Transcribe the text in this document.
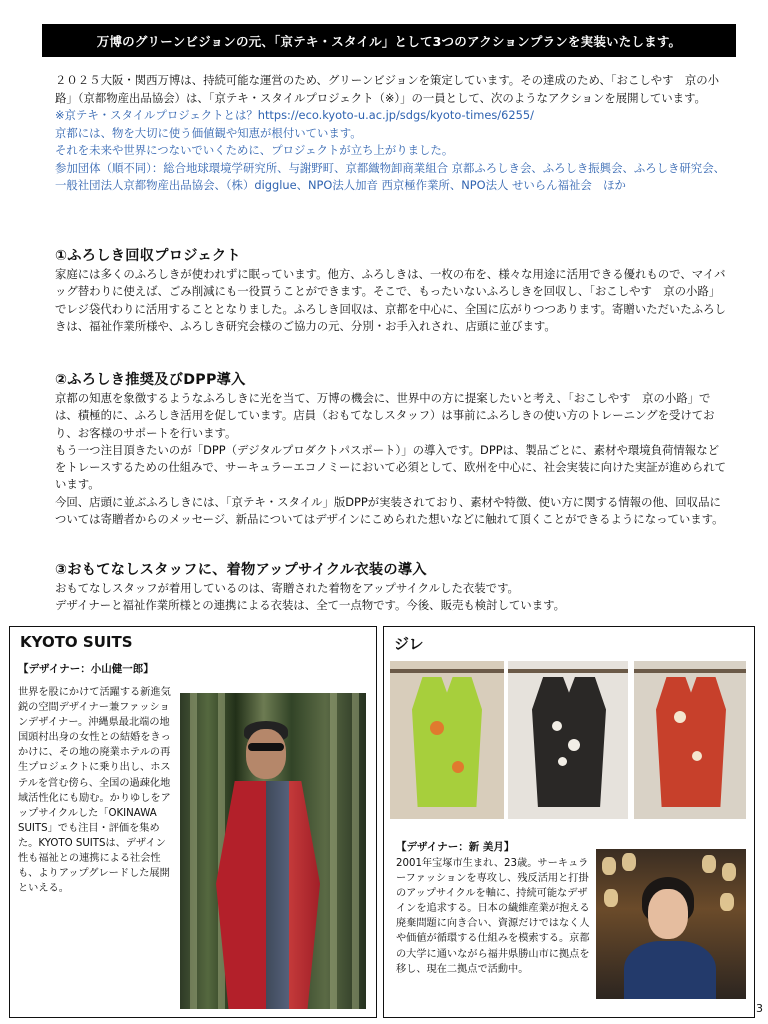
万博のグリーンビジョンの元、「京テキ・スタイル」として3つのアクションプランを実装いたします。

２０２５大阪・関西万博は、持続可能な運営のため、グリーンビジョンを策定しています。その達成のため、「おこしやす　京の小路」（京都物産出品協会）は、「京テキ・スタイルプロジェクト（※）」の一員として、次のようなアクションを展開しています。

※京テキ・スタイルプロジェクトとは？https://eco.kyoto-u.ac.jp/sdgs/kyoto-times/6255/

京都には、物を大切に使う価値観や知恵が根付いています。

それを未来や世界につないでいくために、プロジェクトが立ち上がりました。

参加団体（順不同）：総合地球環境学研究所、与謝野町、京都織物卸商業組合 京都ふろしき会、ふろしき振興会、ふろしき研究会、一般社団法人京都物産出品協会、（株）digglue、NPO法人加音 西京極作業所、NPO法人 せいらん福祉会　ほか

①ふろしき回収プロジェクト

家庭には多くのふろしきが使われずに眠っています。他方、ふろしきは、一枚の布を、様々な用途に活用できる優れもので、マイバッグ替わりに使えば、ごみ削減にも一役買うことができます。そこで、もったいないふろしきを回収し、「おこしやす　京の小路」でレジ袋代わりに活用することとなりました。ふろしき回収は、京都を中心に、全国に広がりつつあります。寄贈いただいたふろしきは、福祉作業所様や、ふろしき研究会様のご協力の元、分別・お手入れされ、店頭に並びます。

②ふろしき推奨及びDPP導入

京都の知恵を象徴するようなふろしきに光を当て、万博の機会に、世界中の方に提案したいと考え、「おこしやす　京の小路」では、積極的に、ふろしき活用を促しています。店員（おもてなしスタッフ）は事前にふろしきの使い方のトレーニングを受けており、お客様のサポートを行います。

もう一つ注目頂きたいのが「DPP（デジタルプロダクトパスポート）」の導入です。DPPは、製品ごとに、素材や環境負荷情報などをトレースするための仕組みで、サーキュラーエコノミーにおいて必須として、欧州を中心に、社会実装に向けた実証が進められています。

今回、店頭に並ぶふろしきには、「京テキ・スタイル」版DPPが実装されており、素材や特徴、使い方に関する情報の他、回収品については寄贈者からのメッセージ、新品についてはデザインにこめられた想いなどに触れて頂くことができるようになっています。

③おもてなしスタッフに、着物アップサイクル衣装の導入

おもてなしスタッフが着用しているのは、寄贈された着物をアップサイクルした衣装です。

デザイナーと福祉作業所様との連携による衣装は、全て一点物です。今後、販売も検討しています。

KYOTO SUITS
【デザイナー：小山健一郎】

世界を股にかけて活躍する新進気鋭の空間デザイナー兼ファッションデザイナー。沖縄県最北端の地 国頭村出身の女性との結婚をきっかけに、その地の廃業ホテルの再生プロジェクトに乗り出し、ホステルを営む傍ら、全国の過疎化地域活性化にも励む。かりゆしをアップサイクルした「OKINAWA SUITS」でも注目・評価を集めた。KYOTO SUITSは、デザイン性も福祉との連携による社会性も、よりアップグレードした展開といえる。

ジレ
【デザイナー：新 美月】

2001年宝塚市生まれ、23歳。サーキュラーファッションを専攻し、残反活用と打掛のアップサイクルを軸に、持続可能なデザインを追求する。日本の繊維産業が抱える廃棄問題に向き合い、資源だけではなく人や価値が循環する仕組みを模索する。京都の大学に通いながら福井県勝山市に拠点を移し、現在二拠点で活動中。

3
